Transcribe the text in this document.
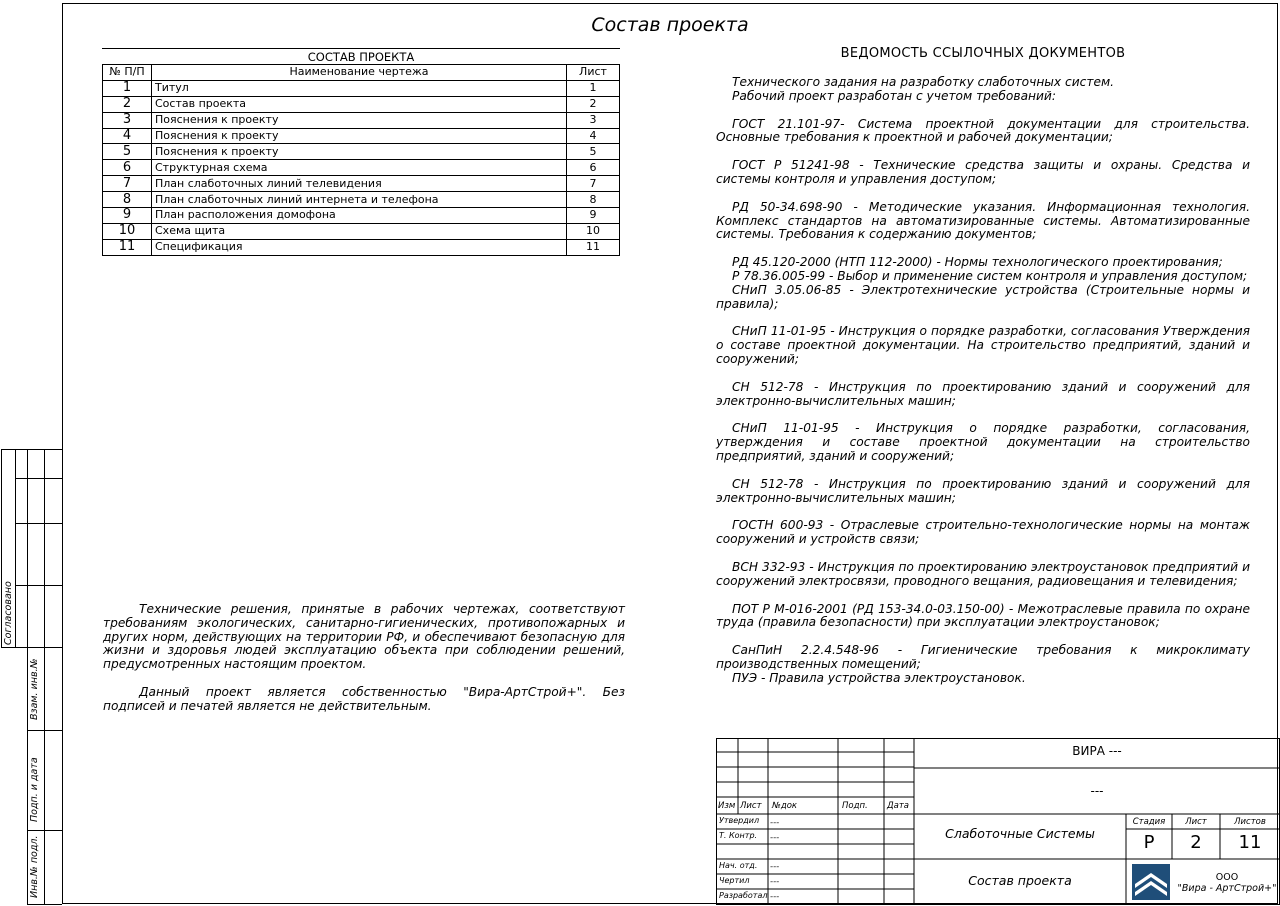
Состав проекта
СОСТАВ ПРОЕКТА
№ П/П	Наименование чертежа	Лист
1	Титул	1
2	Состав проекта	2
3	Пояснения к проекту	3
4	Пояснения к проекту	4
5	Пояснения к проекту	5
6	Структурная схема	6
7	План слаботочных линий телевидения	7
8	План слаботочных линий интернета и телефона	8
9	План расположения домофона	9
10	Схема щита	10
11	Спецификация	11
ВЕДОМОСТЬ ССЫЛОЧНЫХ ДОКУМЕНТОВ

Технического задания на разработку слаботочных систем.

Рабочий проект разработан с учетом требований:

ГОСТ 21.101-97- Система проектной документации для строительства. Основные требования к проектной и рабочей документации;

ГОСТ Р 51241-98 - Технические средства защиты и охраны. Средства и системы контроля и управления доступом;

РД 50-34.698-90 - Методические указания. Информационная технология. Комплекс стандартов на автоматизированные системы. Автоматизированные системы. Требования к содержанию документов;

РД 45.120-2000 (НТП 112-2000) - Нормы технологического проектирования;

Р 78.36.005-99 - Выбор и применение систем контроля и управления доступом;

СНиП 3.05.06-85 - Электротехнические устройства (Строительные нормы и правила);

СНиП 11-01-95 - Инструкция о порядке разработки, согласования Утверждения о составе проектной документации. На строительство предприятий, зданий и сооружений;

СН 512-78 - Инструкция по проектированию зданий и сооружений для электронно-вычислительных машин;

СНиП 11-01-95 - Инструкция о порядке разработки, согласования, утверждения и составе проектной документации на строительство предприятий, зданий и сооружений;

СН 512-78 - Инструкция по проектированию зданий и сооружений для электронно-вычислительных машин;

ГОСТН 600-93 - Отраслевые строительно-технологические нормы на монтаж сооружений и устройств связи;

ВСН 332-93 - Инструкция по проектированию электроустановок предприятий и сооружений электросвязи, проводного вещания, радиовещания и телевидения;

ПОТ Р М-016-2001 (РД 153-34.0-03.150-00) - Межотраслевые правила по охране труда (правила безопасности) при эксплуатации электроустановок;

СанПиН 2.2.4.548-96 - Гигиенические требования к микроклимату производственных помещений;

ПУЭ - Правила устройства электроустановок.

Технические решения, принятые в рабочих чертежах, соответствуют требованиям экологических, санитарно-гигиенических, противопожарных и других норм, действующих на территории РФ, и обеспечивают безопасную для жизни и здоровья людей эксплуатацию объекта при соблюдении решений, предусмотренных настоящим проектом.

Данный проект является собственностью "Вира-АртСтрой+". Без подписей и печатей является не действительным.

Согласовано
Взам. инв.№
Подп. и дата
Инв.№ подл.
ВИРА ---
---
Изм Лист №док	Подп. Дата
Утвердил ---
Т. Контр. ---
Нач. отд. ---
Чертил ---
Разработал ---
Слаботочные Системы
Состав проекта
Стадия	Лист	Листов
Р	2	11
ООО
"Вира - АртСтрой+"
